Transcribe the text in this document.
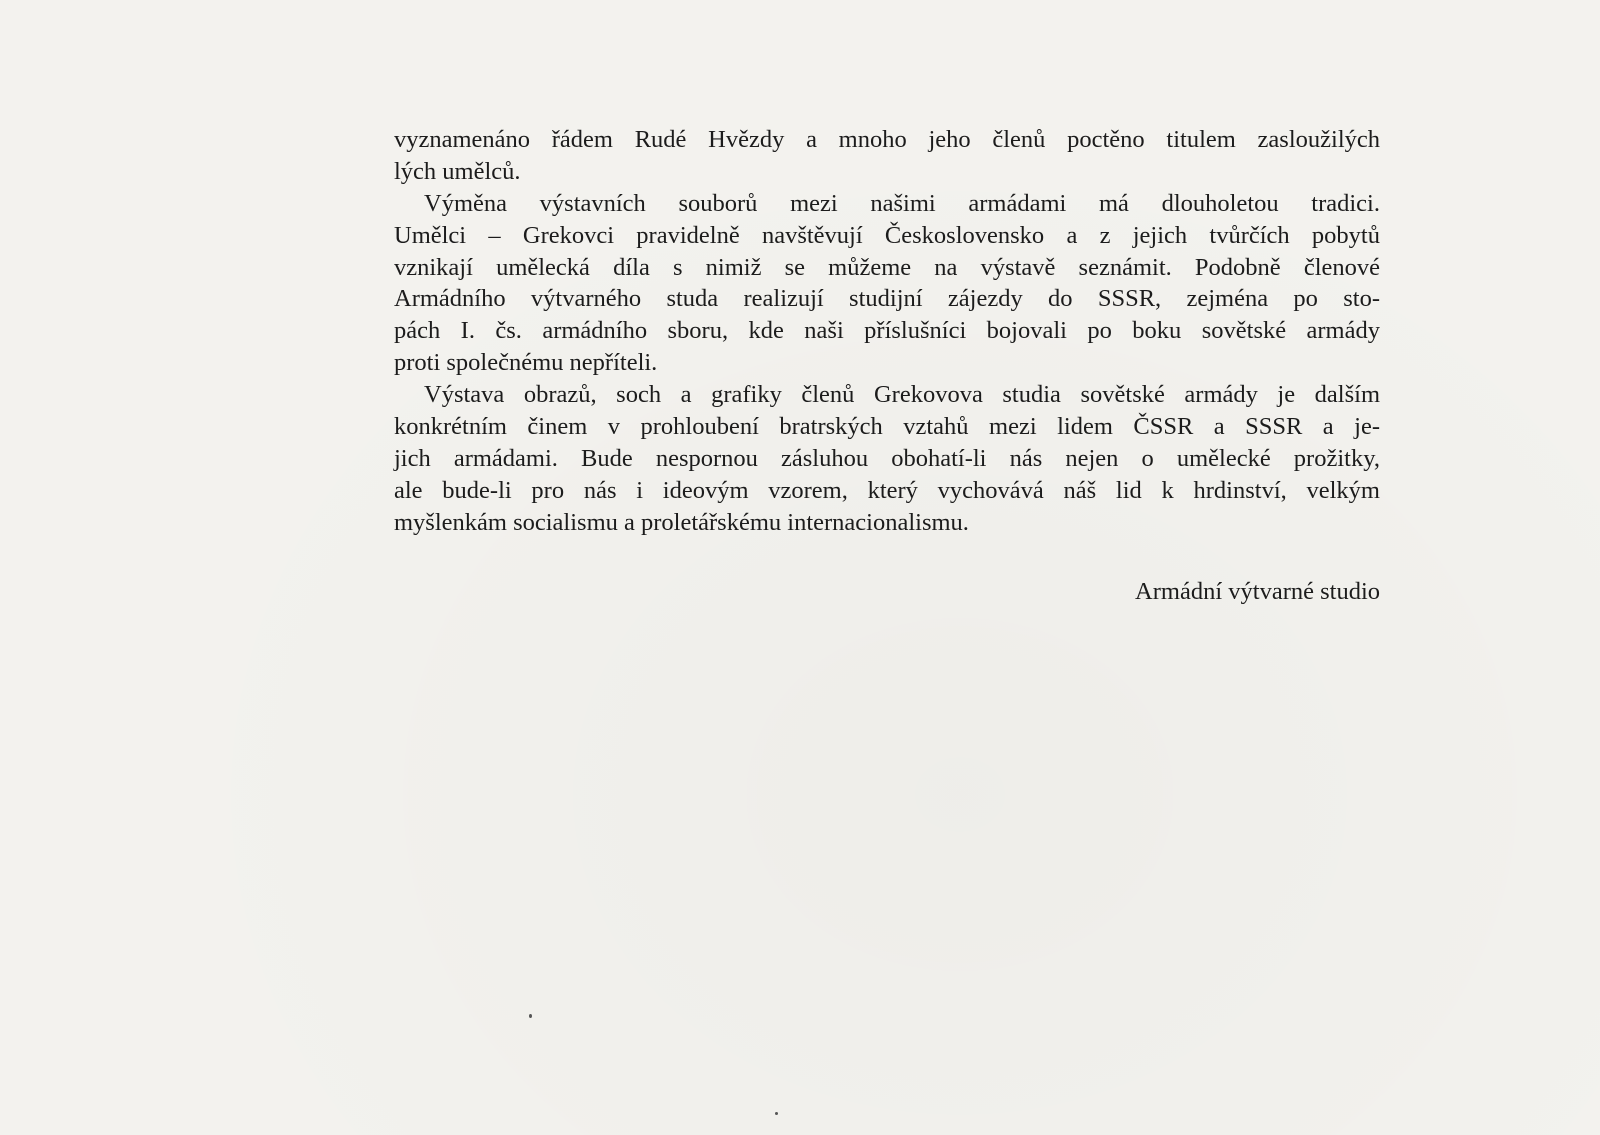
vyznamenáno řádem Rudé Hvězdy a mnoho jeho členů poctěno titulem zasloužilých
lých umělců.
Výměna výstavních souborů mezi našimi armádami má dlouholetou tradici.
Umělci – Grekovci pravidelně navštěvují Československo a z jejich tvůrčích pobytů
vznikají umělecká díla s nimiž se můžeme na výstavě seznámit. Podobně členové
Armádního výtvarného studa realizují studijní zájezdy do SSSR, zejména po sto-
pách I. čs. armádního sboru, kde naši příslušníci bojovali po boku sovětské armády
proti společnému nepříteli.
Výstava obrazů, soch a grafiky členů Grekovova studia sovětské armády je dalším
konkrétním činem v prohloubení bratrských vztahů mezi lidem ČSSR a SSSR a je-
jich armádami. Bude nespornou zásluhou obohatí-li nás nejen o umělecké prožitky,
ale bude-li pro nás i ideovým vzorem, který vychovává náš lid k hrdinství, velkým
myšlenkám socialismu a proletářskému internacionalismu.
Armádní výtvarné studio
